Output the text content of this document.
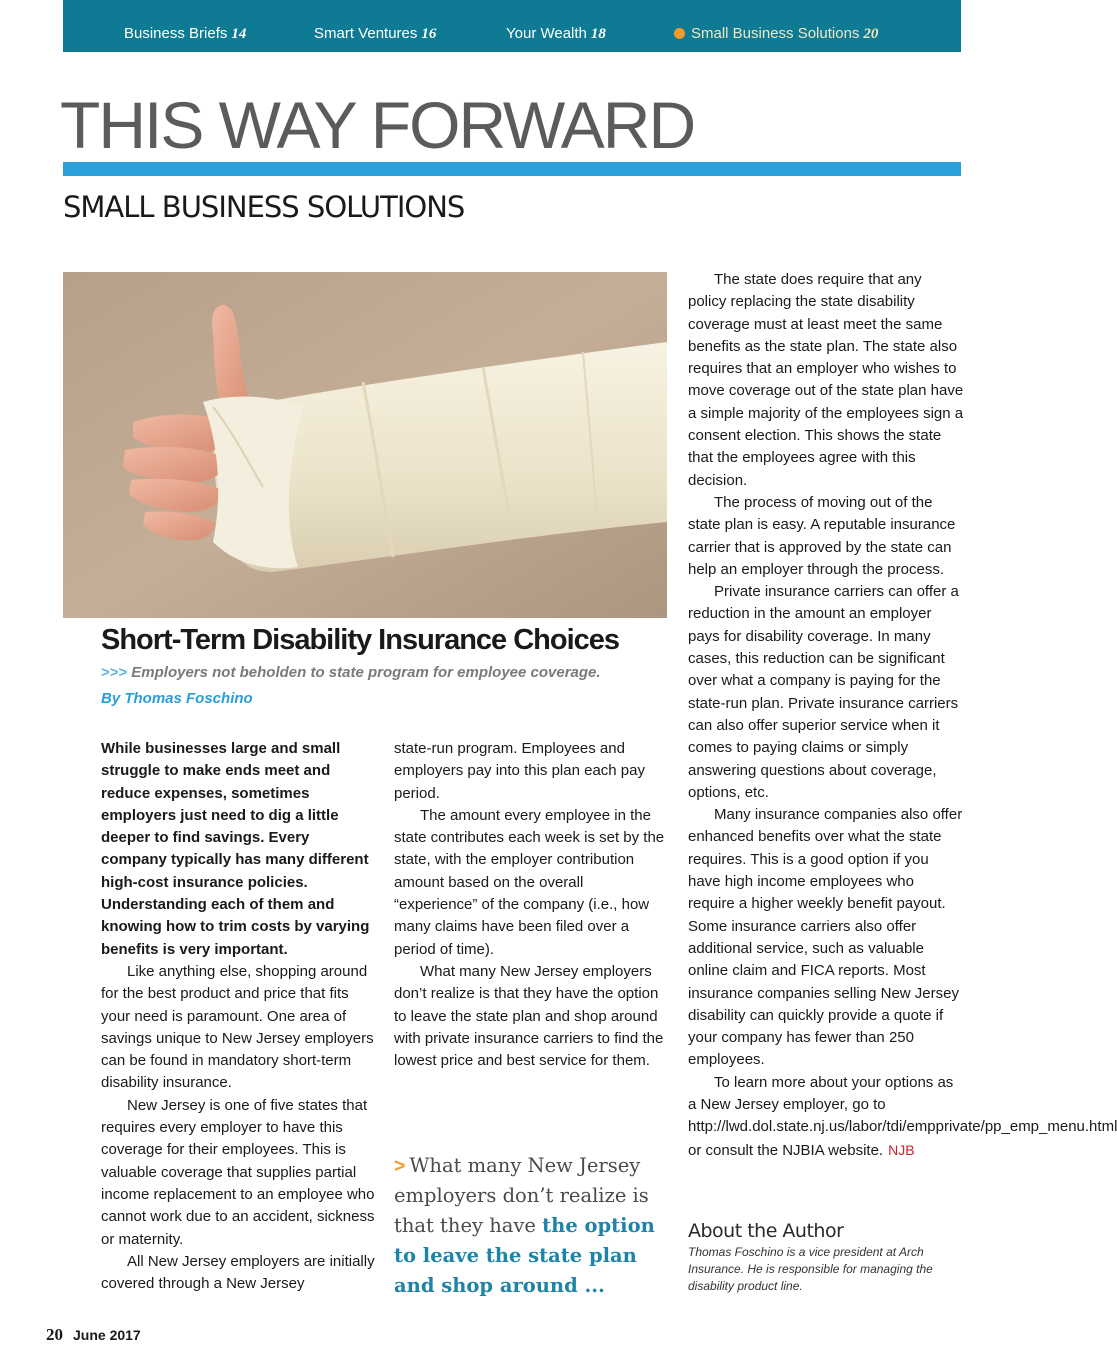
Business Briefs 14	Smart Ventures 16	Your Wealth 18	Small Business Solutions 20
THIS WAY FORWARD
SMALL BUSINESS SOLUTIONS
Short-Term Disability Insurance Choices
>>> Employers not beholden to state program for employee coverage.
By Thomas Foschino

While businesses large and small struggle to make ends meet and reduce expenses, sometimes employers just need to dig a little deeper to find savings. Every company typically has many different high-cost insurance policies. Understanding each of them and knowing how to trim costs by varying benefits is very important.

Like anything else, shopping around for the best product and price that fits your need is paramount. One area of savings unique to New Jersey employers can be found in mandatory short-term disability insurance.

New Jersey is one of five states that requires every employer to have this coverage for their employees. This is valuable coverage that supplies partial income replacement to an employee who cannot work due to an accident, sickness or maternity.

All New Jersey employers are initially covered through a New Jersey

state-run program. Employees and employers pay into this plan each pay period.

The amount every employee in the state contributes each week is set by the state, with the employer contribution amount based on the overall “experience” of the company (i.e., how many claims have been filed over a period of time).

What many New Jersey employers don’t realize is that they have the option to leave the state plan and shop around with private insurance carriers to find the lowest price and best service for them.

> What many New Jersey employers don’t realize is that they have the option to leave the state plan and shop around ...

The state does require that any policy replacing the state disability coverage must at least meet the same benefits as the state plan. The state also requires that an employer who wishes to move coverage out of the state plan have a simple majority of the employees sign a consent election. This shows the state that the employees agree with this decision.

The process of moving out of the state plan is easy. A reputable insurance carrier that is approved by the state can help an employer through the process.

Private insurance carriers can offer a reduction in the amount an employer pays for disability coverage. In many cases, this reduction can be significant over what a company is paying for the state-run plan. Private insurance carriers can also offer superior service when it comes to paying claims or simply answering questions about coverage, options, etc.

Many insurance companies also offer enhanced benefits over what the state requires. This is a good option if you have high income employees who require a higher weekly benefit payout. Some insurance carriers also offer additional service, such as valuable online claim and FICA reports. Most insurance companies selling New Jersey disability can quickly provide a quote if your company has fewer than 250 employees.

To learn more about your options as a New Jersey employer, go to http://lwd.dol.state.nj.us/labor/tdi/empprivate/pp_emp_menu.html or consult the NJBIA website. NJB

About the Author
Thomas Foschino is a vice president at Arch Insurance. He is responsible for managing the disability product line.
20 June 2017
